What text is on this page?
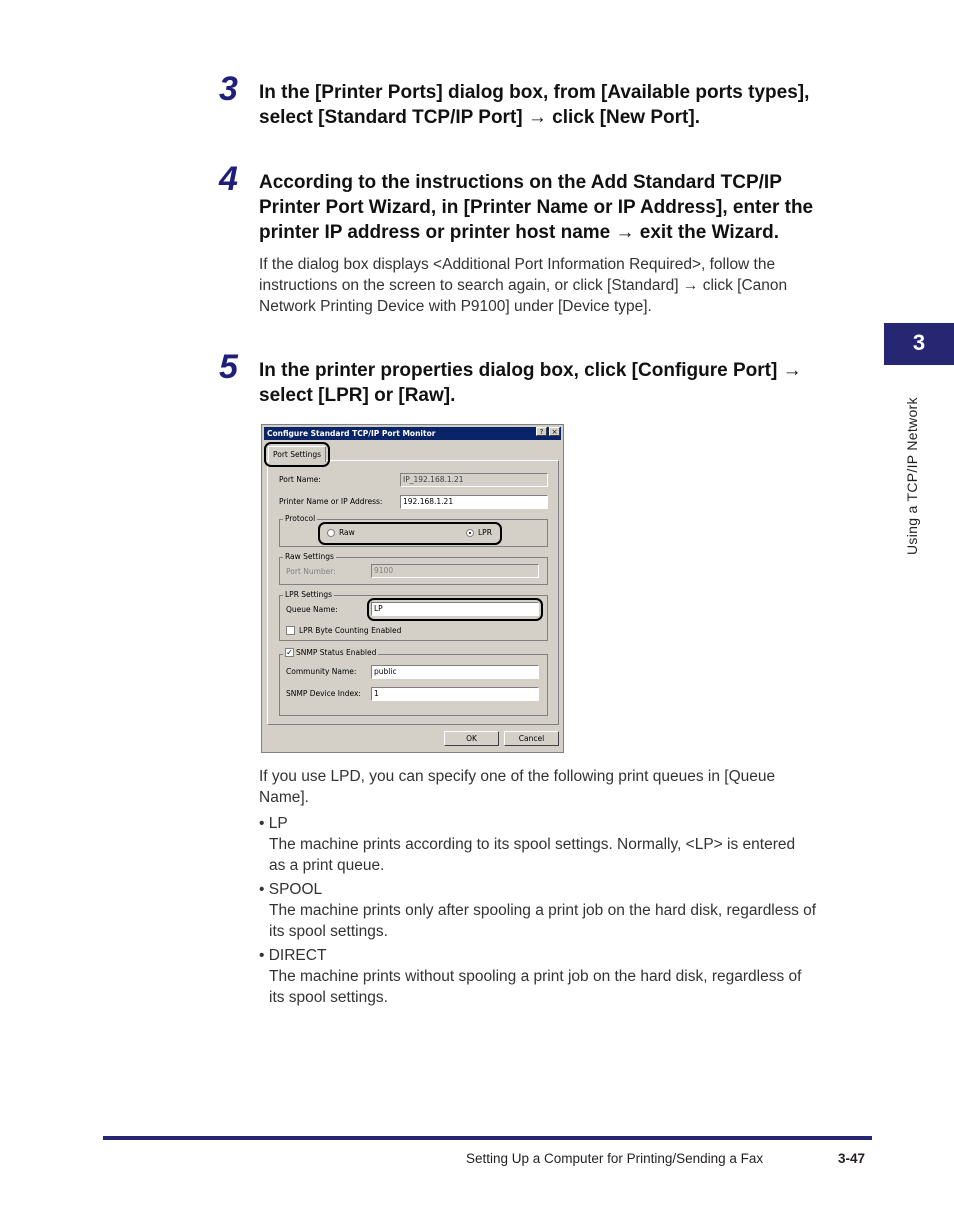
3
Using a TCP/IP Network
3 In the [Printer Ports] dialog box, from [Available ports types],
select [Standard TCP/IP Port] → click [New Port].
4 According to the instructions on the Add Standard TCP/IP
Printer Port Wizard, in [Printer Name or IP Address], enter the
printer IP address or printer host name → exit the Wizard.
If the dialog box displays <Additional Port Information Required>, follow the
instructions on the screen to search again, or click [Standard] → click [Canon
Network Printing Device with P9100] under [Device type].
5 In the printer properties dialog box, click [Configure Port] →
select [LPR] or [Raw].
Configure Standard TCP/IP Port Monitor	?	×
Port Settings
Port Name:	IP_192.168.1.21
Printer Name or IP Address:	192.168.1.21
Protocol
Raw	LPR
Raw Settings
Port Number:	9100
LPR Settings
Queue Name:	LP
LPR Byte Counting Enabled
✓ SNMP Status Enabled
Community Name:	public
SNMP Device Index:	1
OK	Cancel
If you use LPD, you can specify one of the following print queues in [Queue
Name].
• LP
The machine prints according to its spool settings. Normally, <LP> is entered
as a print queue.
• SPOOL
The machine prints only after spooling a print job on the hard disk, regardless of
its spool settings.
• DIRECT
The machine prints without spooling a print job on the hard disk, regardless of
its spool settings.
Setting Up a Computer for Printing/Sending a Fax	3-47
